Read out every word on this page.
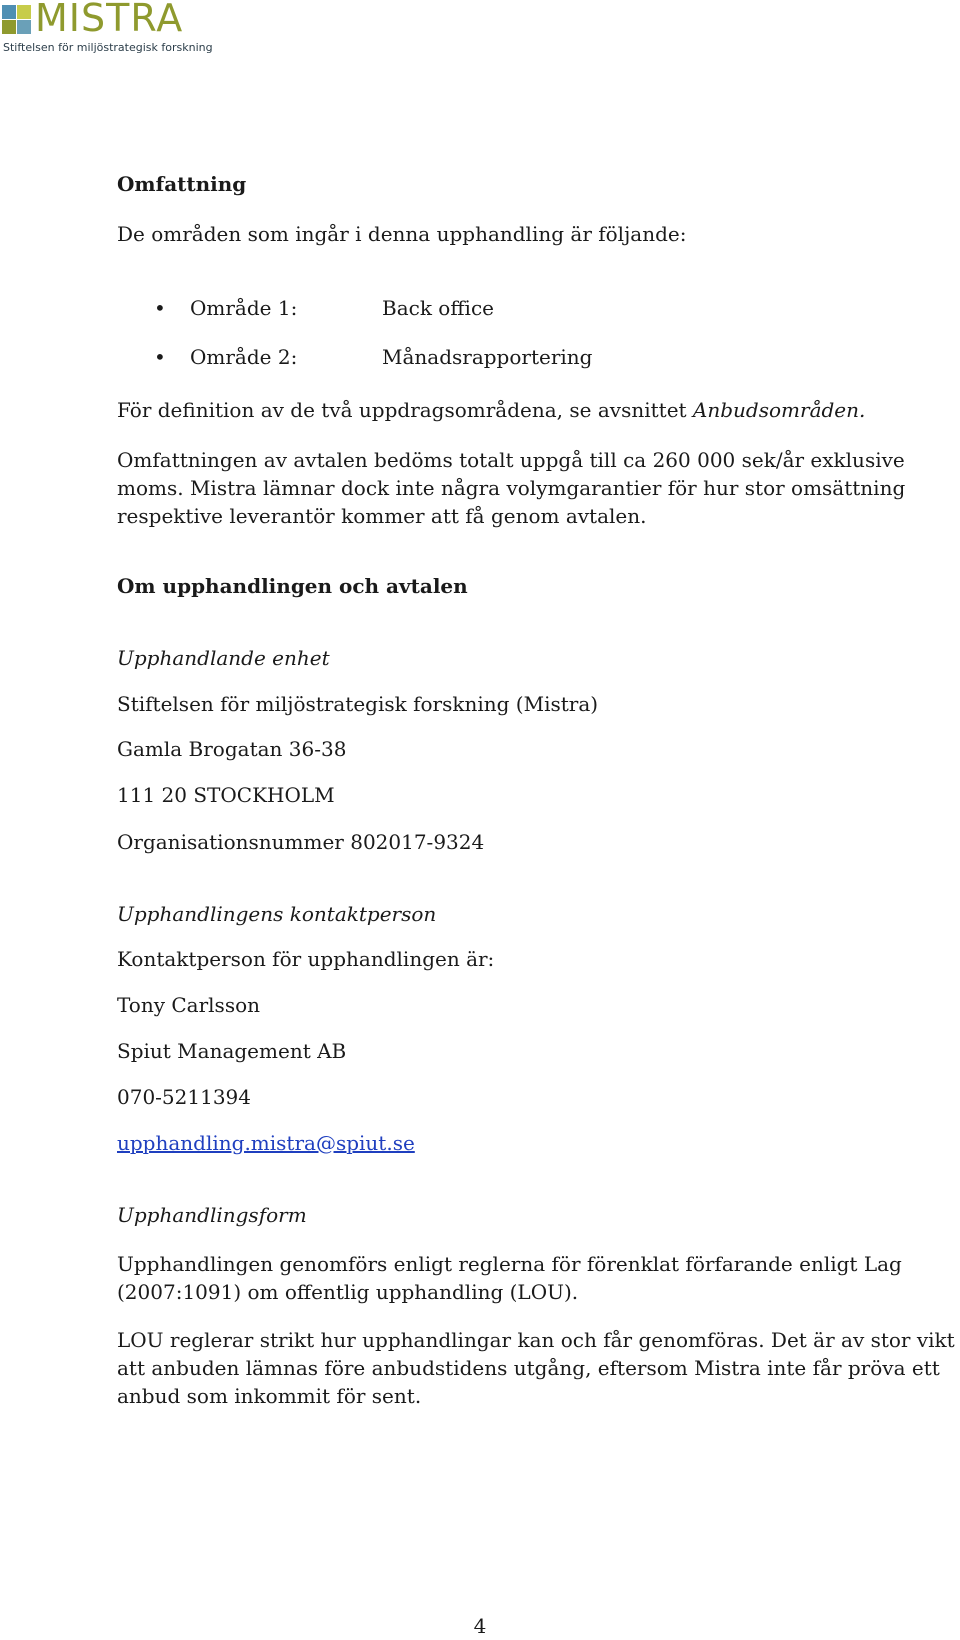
MISTRA
Stiftelsen för miljöstrategisk forskning
Omfattning
De områden som ingår i denna upphandling är följande:
• Område 1:	Back office
• Område 2:	Månadsrapportering
För definition av de två uppdragsområdena, se avsnittet Anbudsområden.
Omfattningen av avtalen bedöms totalt uppgå till ca 260 000 sek/år exklusive moms. Mistra lämnar dock inte några volymgarantier för hur stor omsättning respektive leverantör kommer att få genom avtalen.
Om upphandlingen och avtalen
Upphandlande enhet
Stiftelsen för miljöstrategisk forskning (Mistra)
Gamla Brogatan 36-38
111 20 STOCKHOLM
Organisationsnummer 802017-9324
Upphandlingens kontaktperson
Kontaktperson för upphandlingen är:
Tony Carlsson
Spiut Management AB
070-5211394
upphandling.mistra@spiut.se
Upphandlingsform
Upphandlingen genomförs enligt reglerna för förenklat förfarande enligt Lag (2007:1091) om offentlig upphandling (LOU).
LOU reglerar strikt hur upphandlingar kan och får genomföras. Det är av stor vikt att anbuden lämnas före anbudstidens utgång, eftersom Mistra inte får pröva ett anbud som inkommit för sent.
4
